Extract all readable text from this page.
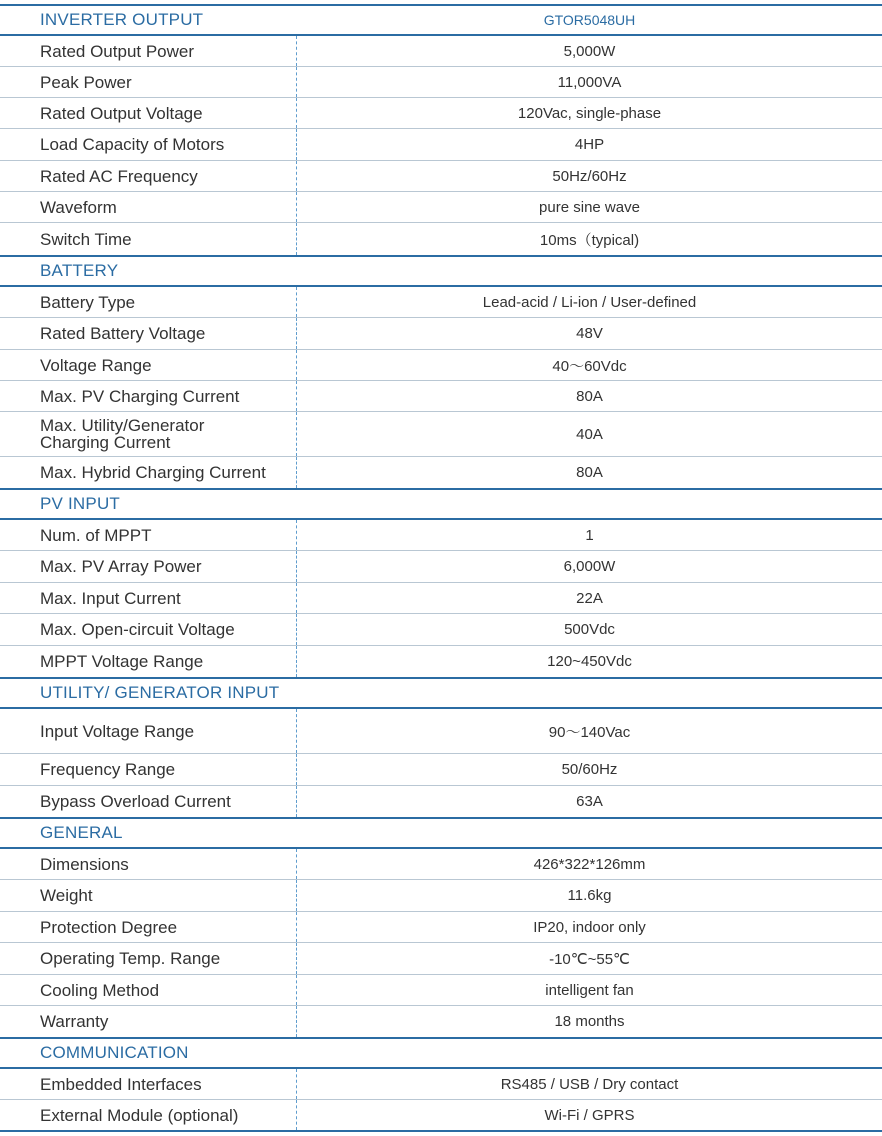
INVERTER OUTPUT	GTOR5048UH
Rated Output Power	5,000W
Peak Power	11,000VA
Rated Output Voltage	120Vac, single-phase
Load Capacity of Motors	4HP
Rated AC Frequency	50Hz/60Hz
Waveform	pure sine wave
Switch Time	10ms（typical)
BATTERY
Battery Type	Lead-acid / Li-ion / User-defined
Rated Battery Voltage	48V
Voltage Range	40～60Vdc
Max. PV Charging Current	80A
Max. Utility/Generator Charging Current	40A
Max. Hybrid Charging Current	80A
PV INPUT
Num. of MPPT	1
Max. PV Array Power	6,000W
Max. Input Current	22A
Max. Open-circuit Voltage	500Vdc
MPPT Voltage Range	120~450Vdc
UTILITY/ GENERATOR INPUT
Input Voltage Range	90～140Vac
Frequency Range	50/60Hz
Bypass Overload Current	63A
GENERAL
Dimensions	426*322*126mm
Weight	11.6kg
Protection Degree	IP20, indoor only
Operating Temp. Range	-10℃~55℃
Cooling Method	intelligent fan
Warranty	18 months
COMMUNICATION
Embedded Interfaces	RS485 / USB / Dry contact
External Module (optional)	Wi-Fi / GPRS
